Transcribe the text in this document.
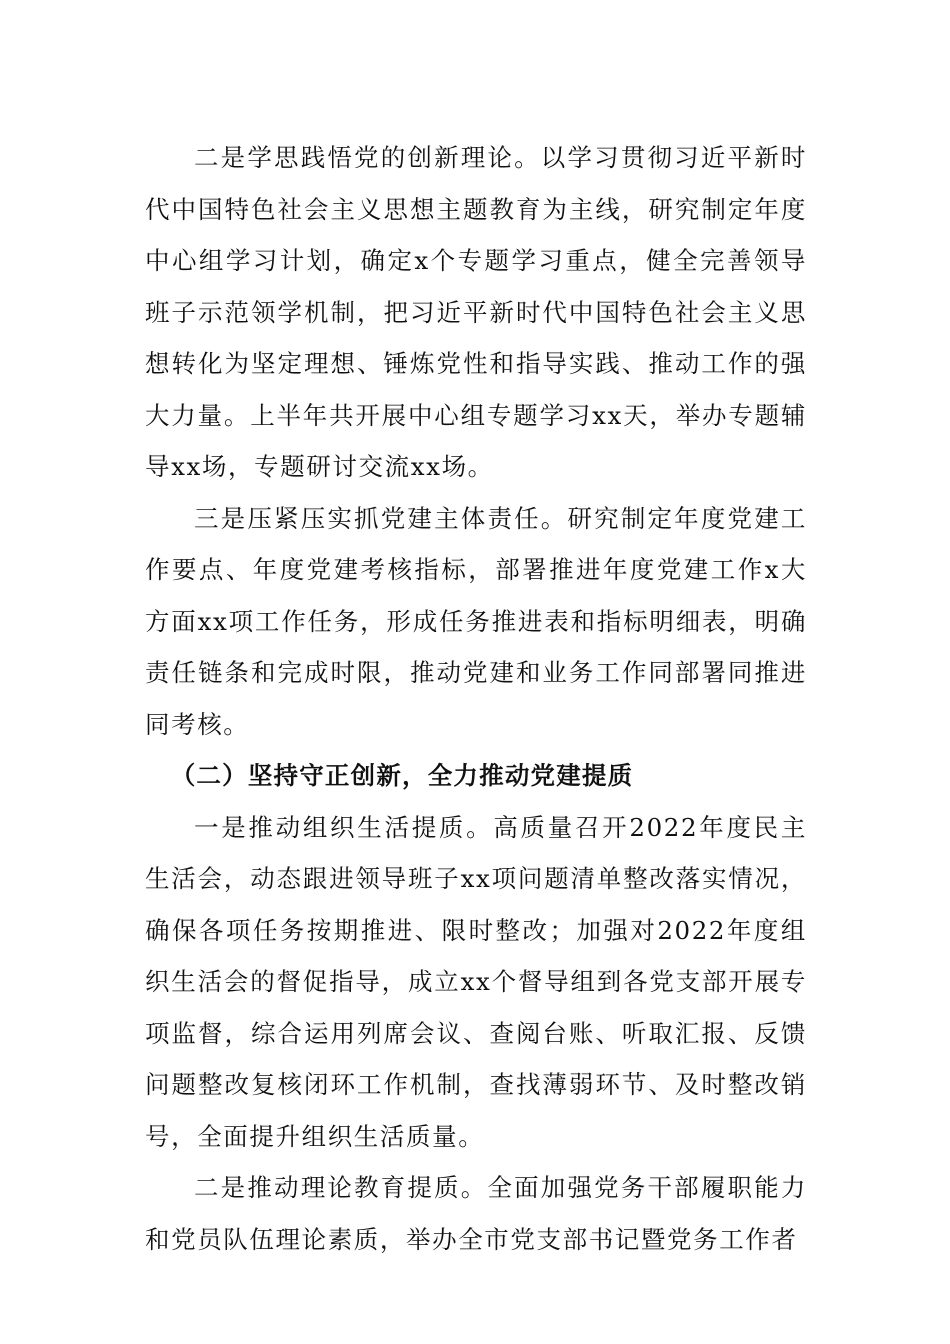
二是学思践悟党的创新理论。以学习贯彻习近平新时代中国特色社会主义思想主题教育为主线，研究制定年度中心组学习计划，确定x个专题学习重点，健全完善领导班子示范领学机制，把习近平新时代中国特色社会主义思想转化为坚定理想、锤炼党性和指导实践、推动工作的强大力量。上半年共开展中心组专题学习xx天，举办专题辅导xx场，专题研讨交流xx场。

三是压紧压实抓党建主体责任。研究制定年度党建工作要点、年度党建考核指标，部署推进年度党建工作x大方面xx项工作任务，形成任务推进表和指标明细表，明确责任链条和完成时限，推动党建和业务工作同部署同推进同考核。

（二）坚持守正创新，全力推动党建提质

一是推动组织生活提质。高质量召开2022年度民主生活会，动态跟进领导班子xx项问题清单整改落实情况，确保各项任务按期推进、限时整改；加强对2022年度组织生活会的督促指导，成立xx个督导组到各党支部开展专项监督，综合运用列席会议、查阅台账、听取汇报、反馈问题整改复核闭环工作机制，查找薄弱环节、及时整改销号，全面提升组织生活质量。

二是推动理论教育提质。全面加强党务干部履职能力和党员队伍理论素质，举办全市党支部书记暨党务工作者
